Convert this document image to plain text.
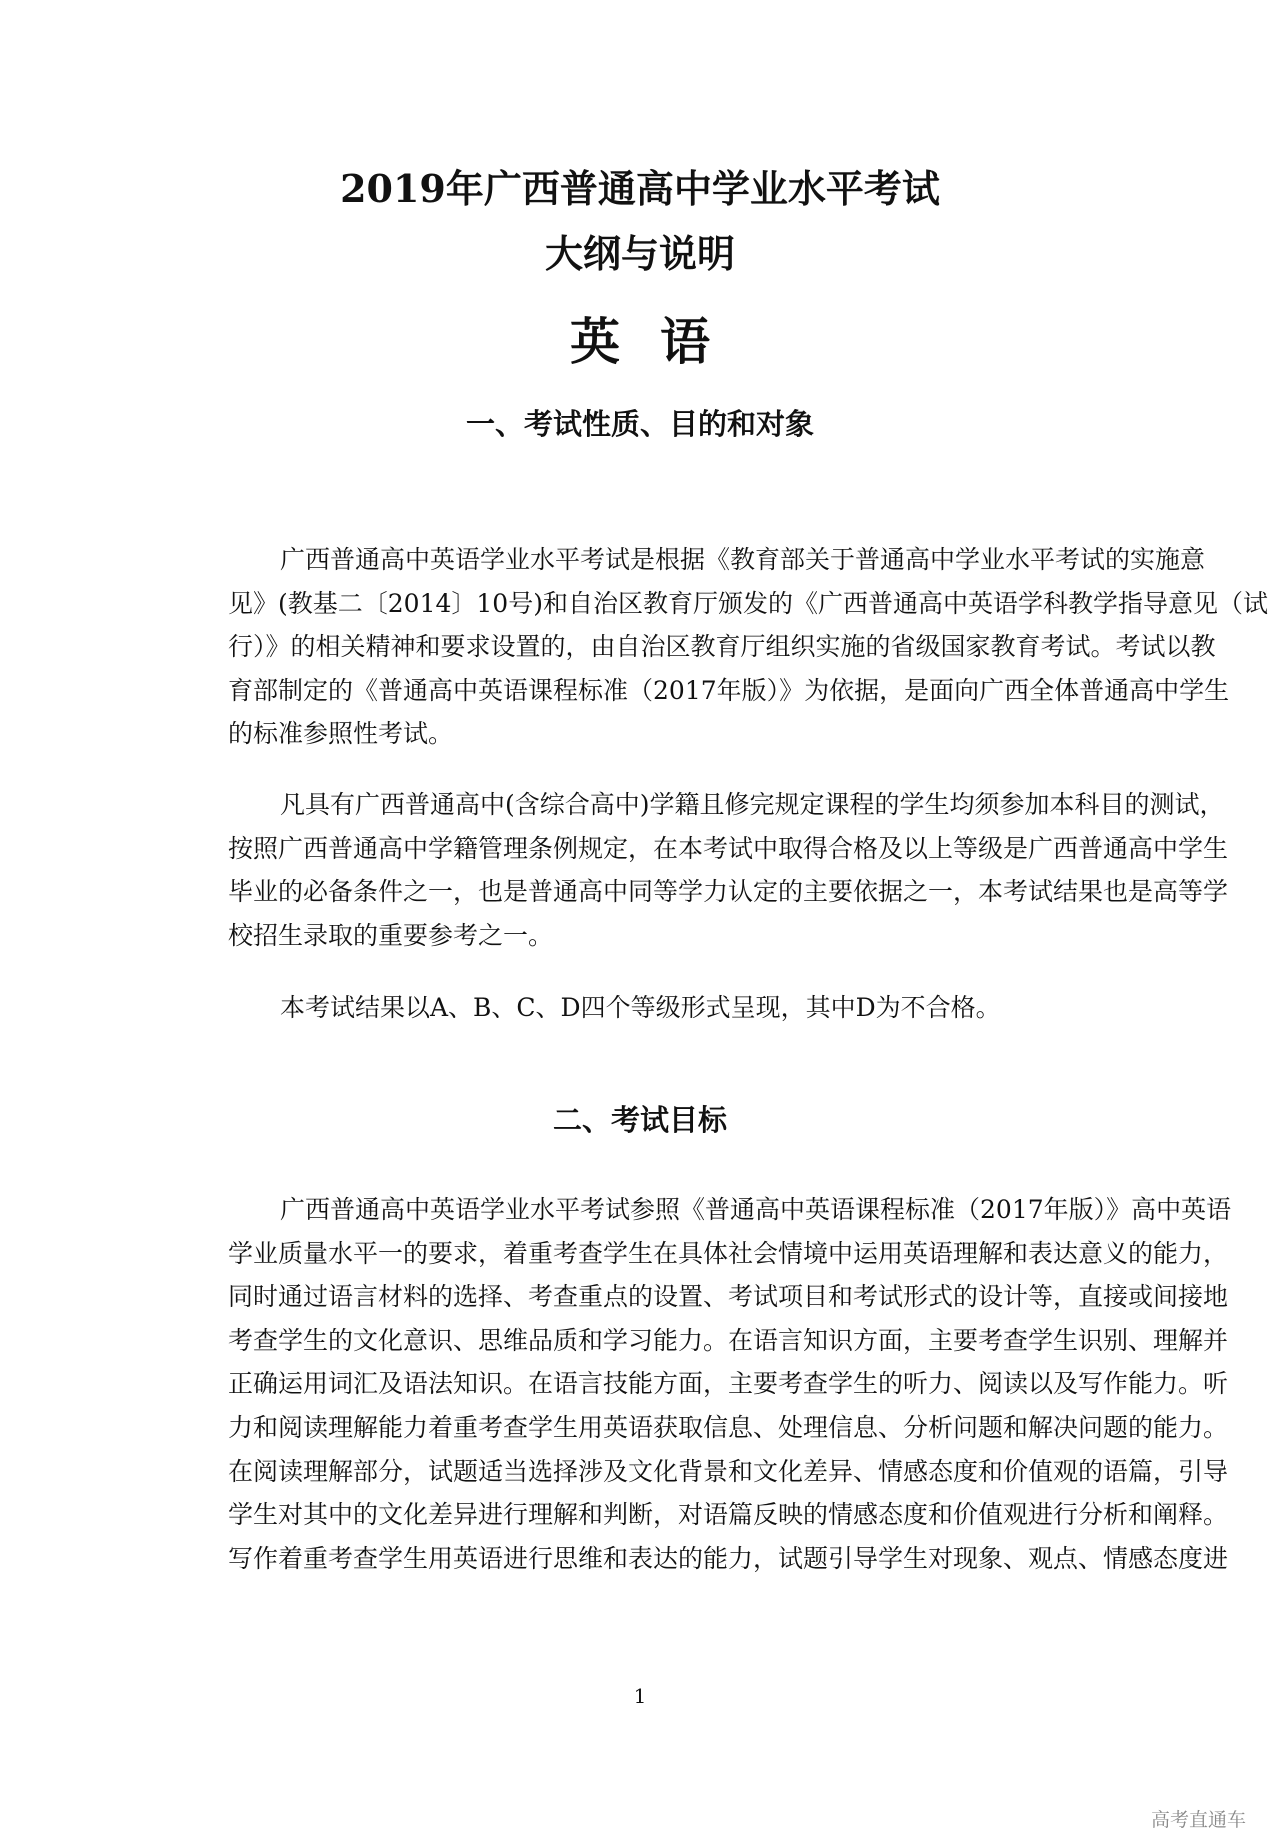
2019年广西普通高中学业水平考试
大纲与说明
英语
一、考试性质、目的和对象
广西普通高中英语学业水平考试是根据《教育部关于普通高中学业水平考试的实施意
见》(教基二〔2014〕10号)和自治区教育厅颁发的《广西普通高中英语学科教学指导意见（试
行）》的相关精神和要求设置的，由自治区教育厅组织实施的省级国家教育考试。考试以教
育部制定的《普通高中英语课程标准（2017年版）》为依据，是面向广西全体普通高中学生
的标准参照性考试。
凡具有广西普通高中(含综合高中)学籍且修完规定课程的学生均须参加本科目的测试，
按照广西普通高中学籍管理条例规定，在本考试中取得合格及以上等级是广西普通高中学生
毕业的必备条件之一，也是普通高中同等学力认定的主要依据之一，本考试结果也是高等学
校招生录取的重要参考之一。
本考试结果以A、B、C、D四个等级形式呈现，其中D为不合格。
二、考试目标
广西普通高中英语学业水平考试参照《普通高中英语课程标准（2017年版）》高中英语
学业质量水平一的要求，着重考查学生在具体社会情境中运用英语理解和表达意义的能力，
同时通过语言材料的选择、考查重点的设置、考试项目和考试形式的设计等，直接或间接地
考查学生的文化意识、思维品质和学习能力。在语言知识方面，主要考查学生识别、理解并
正确运用词汇及语法知识。在语言技能方面，主要考查学生的听力、阅读以及写作能力。听
力和阅读理解能力着重考查学生用英语获取信息、处理信息、分析问题和解决问题的能力。
在阅读理解部分，试题适当选择涉及文化背景和文化差异、情感态度和价值观的语篇，引导
学生对其中的文化差异进行理解和判断，对语篇反映的情感态度和价值观进行分析和阐释。
写作着重考查学生用英语进行思维和表达的能力，试题引导学生对现象、观点、情感态度进
1
高考直通车
